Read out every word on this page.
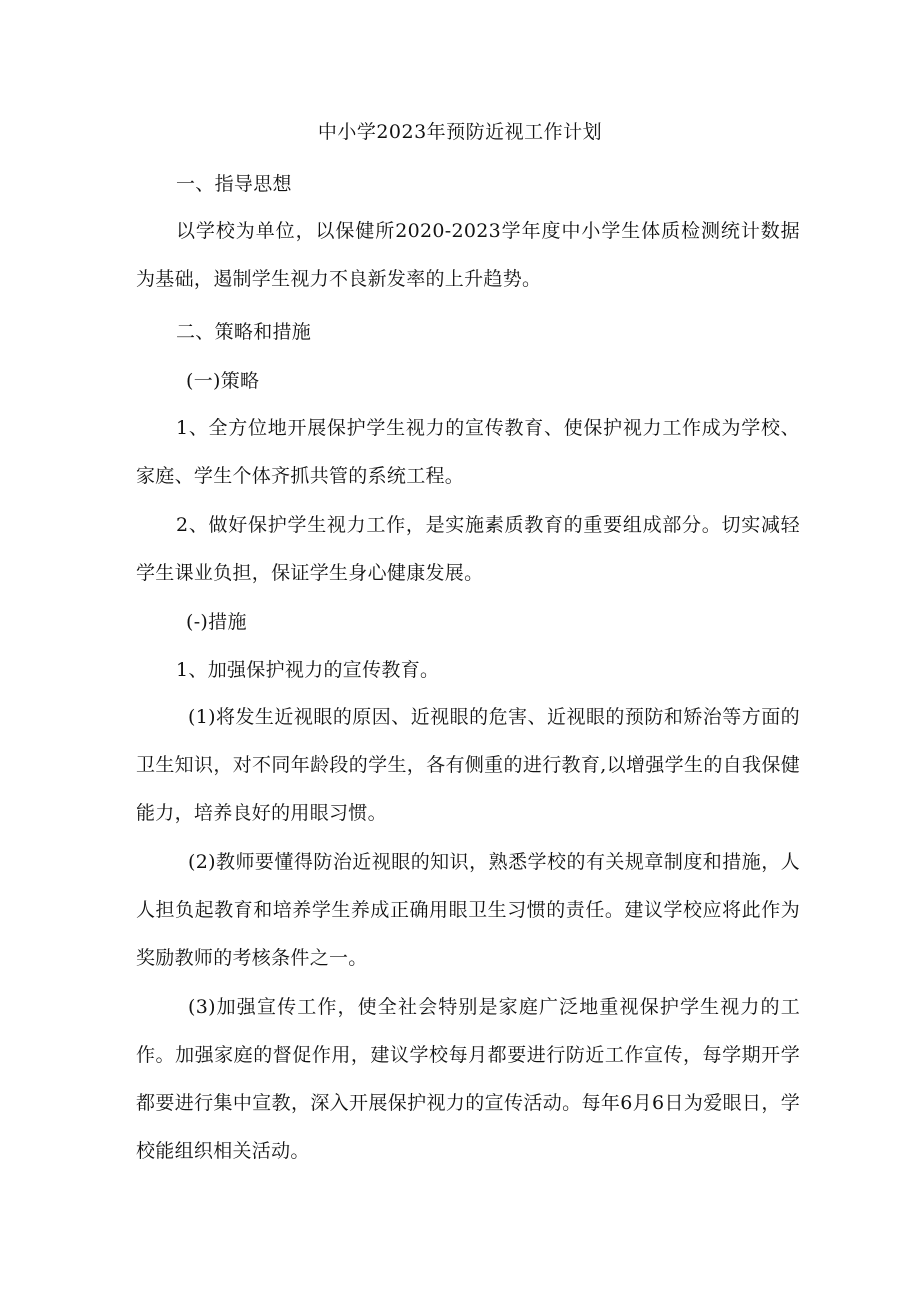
中小学2023年预防近视工作计划
一、指导思想
以学校为单位，以保健所2020-2023学年度中小学生体质检测统计数据为基础，遏制学生视力不良新发率的上升趋势。
二、策略和措施
(一)策略
1、全方位地开展保护学生视力的宣传教育、使保护视力工作成为学校、家庭、学生个体齐抓共管的系统工程。
2、做好保护学生视力工作，是实施素质教育的重要组成部分。切实减轻学生课业负担，保证学生身心健康发展。
(-)措施
1、加强保护视力的宣传教育。
(1)将发生近视眼的原因、近视眼的危害、近视眼的预防和矫治等方面的卫生知识，对不同年龄段的学生，各有侧重的进行教育,以增强学生的自我保健能力，培养良好的用眼习惯。
(2)教师要懂得防治近视眼的知识，熟悉学校的有关规章制度和措施，人人担负起教育和培养学生养成正确用眼卫生习惯的责任。建议学校应将此作为奖励教师的考核条件之一。
(3)加强宣传工作，使全社会特别是家庭广泛地重视保护学生视力的工作。加强家庭的督促作用，建议学校每月都要进行防近工作宣传，每学期开学都要进行集中宣教，深入开展保护视力的宣传活动。每年6月6日为爱眼日，学校能组织相关活动。
